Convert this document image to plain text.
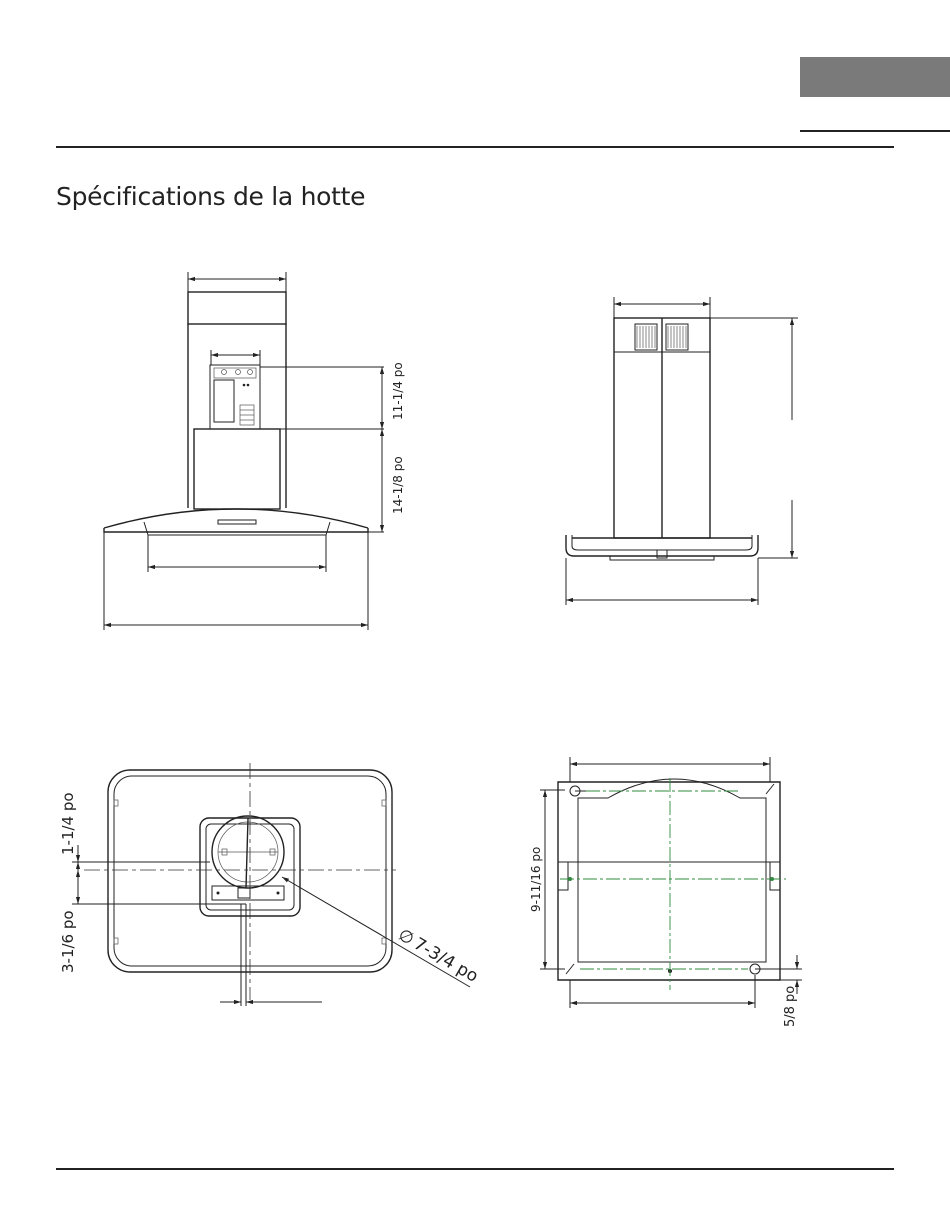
Spécifications de la hotte
11-1/4 po
14-1/8 po
1-1/4 po
3-1/6 po	∅
7-3/4 po
9-11/16 po
5/8 po
